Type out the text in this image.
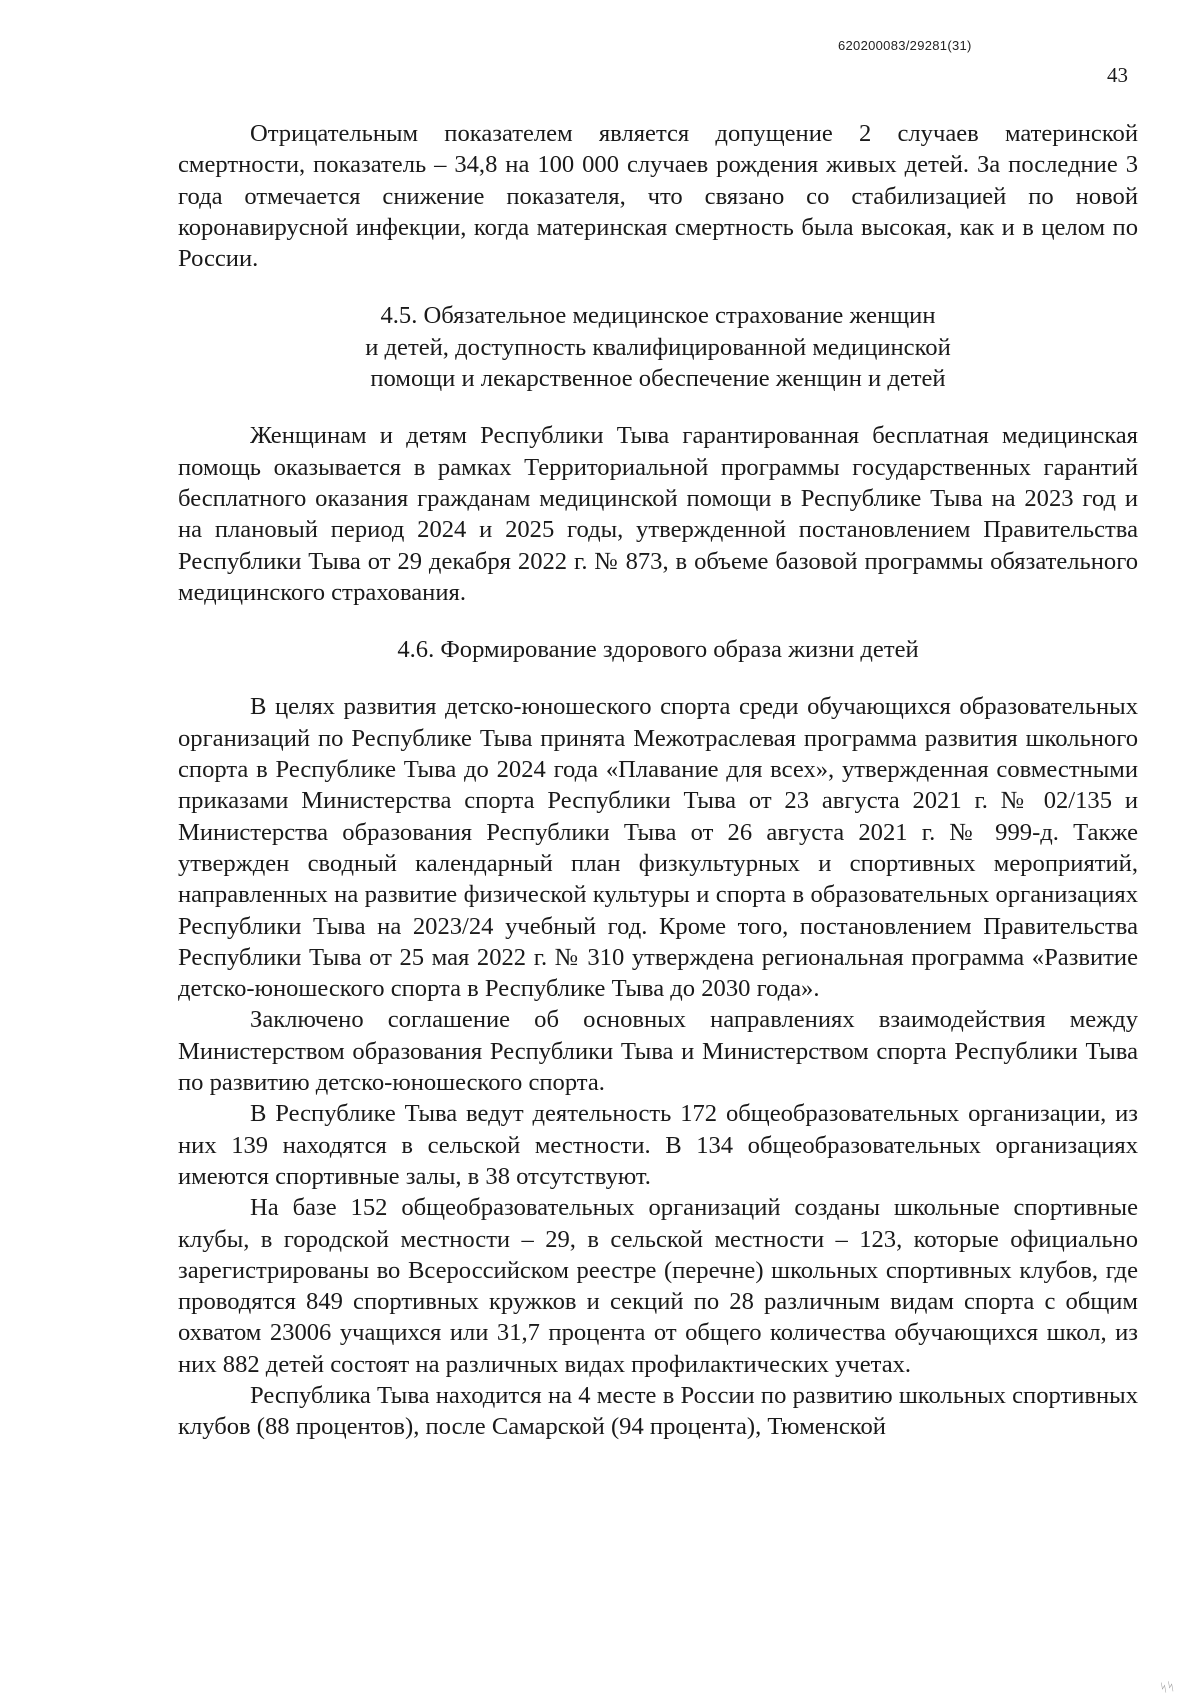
620200083/29281(31)
43

Отрицательным показателем является допущение 2 случаев материнской смертности, показатель – 34,8 на 100 000 случаев рождения живых детей. За последние 3 года отмечается снижение показателя, что связано со стабилизацией по новой коронавирусной инфекции, когда материнская смертность была высокая, как и в целом по России.

4.5. Обязательное медицинское страхование женщин
и детей, доступность квалифицированной медицинской
помощи и лекарственное обеспечение женщин и детей

Женщинам и детям Республики Тыва гарантированная бесплатная медицинская помощь оказывается в рамках Территориальной программы государственных гарантий бесплатного оказания гражданам медицинской помощи в Республике Тыва на 2023 год и на плановый период 2024 и 2025 годы, утвержденной постановлением Правительства Республики Тыва от 29 декабря 2022 г. № 873, в объеме базовой программы обязательного медицинского страхования.

4.6. Формирование здорового образа жизни детей

В целях развития детско-юношеского спорта среди обучающихся образовательных организаций по Республике Тыва принята Межотраслевая программа развития школьного спорта в Республике Тыва до 2024 года «Плавание для всех», утвержденная совместными приказами Министерства спорта Республики Тыва от 23 августа 2021 г. № 02/135 и Министерства образования Республики Тыва от 26 августа 2021 г. № 999-д. Также утвержден сводный календарный план физкультурных и спортивных мероприятий, направленных на развитие физической культуры и спорта в образовательных организациях Республики Тыва на 2023/24 учебный год. Кроме того, постановлением Правительства Республики Тыва от 25 мая 2022 г. № 310 утверждена региональная программа «Развитие детско-юношеского спорта в Республике Тыва до 2030 года».

Заключено соглашение об основных направлениях взаимодействия между Министерством образования Республики Тыва и Министерством спорта Республики Тыва по развитию детско-юношеского спорта.

В Республике Тыва ведут деятельность 172 общеобразовательных организации, из них 139 находятся в сельской местности. В 134 общеобразовательных организациях имеются спортивные залы, в 38 отсутствуют.

На базе 152 общеобразовательных организаций созданы школьные спортивные клубы, в городской местности – 29, в сельской местности – 123, которые официально зарегистрированы во Всероссийском реестре (перечне) школьных спортивных клубов, где проводятся 849 спортивных кружков и секций по 28 различным видам спорта с общим охватом 23006 учащихся или 31,7 процента от общего количества обучающихся школ, из них 882 детей состоят на различных видах профилактических учетах.

Республика Тыва находится на 4 месте в России по развитию школьных спортивных клубов (88 процентов), после Самарской (94 процента), Тюменской

ᛋᛋ
